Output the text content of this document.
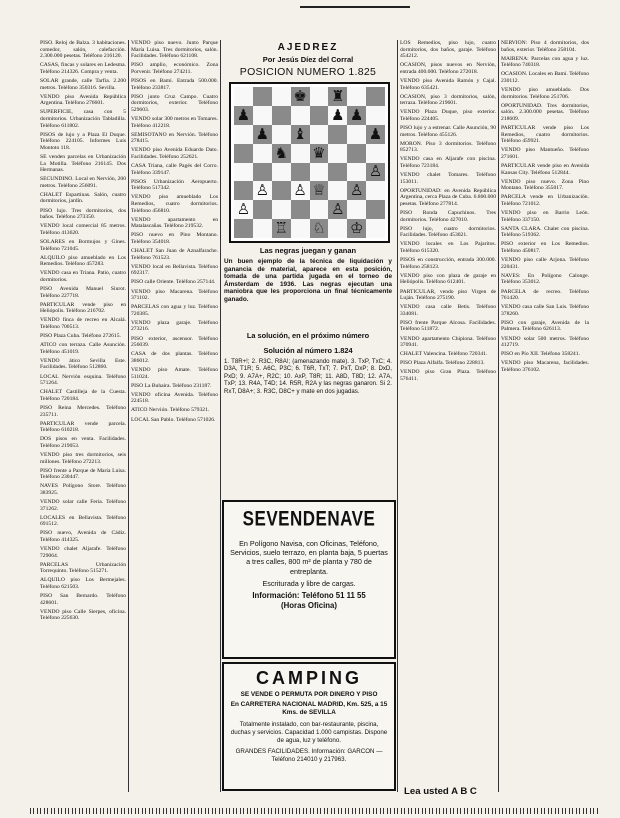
PISO. Reloj de Balza. 3 habitaciones. comedor, salón, calefacción. 2.300.000 pesetas. Teléfono 216120.

CASAS, fincas y solares en Ledesma. Teléfono 214326. Compra y venta.

SOLAR grande, calle Tarfia. 2.200 metros. Teléfono 350316. Sevilla.

VENDO piso Avenida República Argentina. Teléfono 276601.

SUPERFICIE, casa con 5 dormitorios. Urbanización Tabladilla. Teléfono 611802.

PISOS de lujo y a Plaza El Duque. Teléfono 224105. Informes Luís Montoto 118.

SE venden parcelas en Urbanización La Motilla. Teléfono 216145. Dos Hermanas.

SECUNDINO. Local en Nervión, 200 metros. Teléfono 256091.

CHALET Espartinas. Salón, cuatro dormitorios, jardín.

PISO lujo. Tres dormitorios, dos baños. Teléfono 273350.

VENDO local comercial 85 metros. Teléfono 413620.

SOLARES en Bormujos y Gines. Teléfono 721045.

ALQUILO piso amueblado en Los Remedios. Teléfono 457283.

VENDO casa en Triana. Patio, cuatro dormitorios.

PISO Avenida Manuel Siurot. Teléfono 227718.

PARTICULAR vende piso en Heliópolis. Teléfono 216702.

VENDO finca de recreo en Alcalá. Teléfono 700513.

PISO Plaza Cuba. Teléfono 272615.

ATICO con terraza. Calle Asunción. Teléfono 451019.

VENDO ático Sevilla Este. Facilidades. Teléfono 512860.

LOCAL Nervión esquina. Teléfono 571264.

CHALET Castilleja de la Cuesta. Teléfono 720184.

PISO Reina Mercedes. Teléfono 235711.

PARTICULAR vende parcela. Teléfono 610218.

DOS pisos en venta. Facilidades. Teléfono 219053.

VENDO piso tres dormitorios, seis millones. Teléfono 272213.

PISO frente a Parque de María Luisa. Teléfono 230447.

NAVES Polígono Store. Teléfono 383925.

VENDO solar calle Feria. Teléfono 371262.

LOCALES en Bellavista. Teléfono 691512.

PISO nuevo, Avenida de Cádiz. Teléfono 414325.

VENDO chalet Aljarafe. Teléfono 729064.

PARCELAS Urbanización Torrequinto. Teléfono 515271.

ALQUILO piso Los Bermejales. Teléfono 621503.

PISO San Bernardo. Teléfono 428601.

VENDO piso Calle Sierpes, oficina. Teléfono 225630.

VENDO piso nuevo. Junto Parque María Luisa. Tres dormitorios, salón. Facilidades. Teléfono 621108.

PISO amplio, económico. Zona Porvenir. Teléfono 274211.

PISOS en Bami. Entrada 500.000. Teléfono 233817.

PISO junto Cruz Campo. Cuatro dormitorios, exterior. Teléfono 529603.

VENDO solar 300 metros en Tomares. Teléfono 412218.

SEMISOTANO en Nervión. Teléfono 278415.

VENDO piso Avenida Eduardo Dato. Facilidades. Teléfono 252621.

CASA Triana, calle Pagés del Corro. Teléfono 339147.

PISOS Urbanización Aeropuerto. Teléfono 517342.

VENDO piso amueblado Los Remedios, cuatro dormitorios. Teléfono 456810.

VENDO apartamento en Matalascañas. Teléfono 219532.

PISO nuevo en Pino Montano. Teléfono 354018.

CHALET San Juan de Aznalfarache. Teléfono 761523.

VENDO local en Bellavista. Teléfono 692317.

PISO calle Oriente. Teléfono 257144.

VENDO piso Macarena. Teléfono 371102.

PARCELAS con agua y luz. Teléfono 720385.

VENDO plaza garaje. Teléfono 273216.

PISO exterior, ascensor. Teléfono 256039.

CASA de dos plantas. Teléfono 386012.

VENDO piso Amate. Teléfono 511024.

PISO La Buhaira. Teléfono 231187.

VENDO oficina Avenida. Teléfono 224518.

ATICO Nervión. Teléfono 579321.

LOCAL San Pablo. Teléfono 571026.

AJEDREZ
Por Jesús Díez del Corral
POSICION NUMERO 1.825
♚ ♜
♟	♟ ♟
♟ ♝	♟
♞ ♛
♙
♙ ♙ ♕ ♙
♙	♙
♖ ♘ ♔
Las negras juegan y ganan
Un buen ejemplo de la técnica de liquidación y ganancia de material, aparece en esta posición, tomada de una partida jugada en el torneo de Ámsterdam de 1936. Las negras ejecutan una maniobra que les proporciona un final técnicamente ganado.
La solución, en el próximo número
Solución al número 1.824
1. T8R+!; 2. R3C, R8A!; (amenazando mate). 3. TxP, TxC; 4. D3A, T1R; 5. A6C, P3C; 6. T6R, TxT; 7. PxT, DxP; 8. DxD, PxD; 9. A7A+, R2C; 10. AxP, T8R; 11. A8D, T8D; 12. A7A, TxP; 13. R4A, T4D; 14. R5R, R2A y las negras ganaron. Si 2. RxT, D8A+; 3. R3C, D8C+ y mate en dos jugadas.
SEVENDENAVE
En Polígono Navisa, con Oficinas, Teléfono, Servicios, suelo terrazo, en planta baja, 5 puertas a tres calles, 800 m² de planta y 780 de entreplanta.
Escriturada y libre de cargas.
Información: Teléfono 51 11 55
(Horas Oficina)
CAMPING
SE VENDE O PERMUTA POR DINERO Y PISO
En CARRETERA NACIONAL MADRID, Km. 525, a 15 Kms. de SEVILLA
Totalmente instalado, con bar-restaurante, piscina, duchas y servicios. Capacidad 1.000 campistas. Dispone de agua, luz y teléfono.
GRANDES FACILIDADES. Información: GARCON — Teléfono 214010 y 217963.

LOS Remedios, piso lujo, cuatro dormitorios, dos baños, garaje. Teléfono 454212.

OCASION, pisos nuevos en Nervión, entrada 400.000. Teléfono 272018.

VENDO piso Avenida Ramón y Cajal. Teléfono 635421.

OCASION, piso 3 dormitorios, salón, terraza. Teléfono 219601.

VENDO Plaza Duque, piso exterior. Teléfono 224405.

PISO lujo y a estrenar. Calle Asunción, 90 metros. Teléfono 455126.

MORON. Piso 3 dormitorios. Teléfono 852713.

VENDO casa en Aljarafe con piscina. Teléfono 723184.

VENDO chalet Tomares. Teléfono 153011.

OPORTUNIDAD: en Avenida República Argentina, cerca Plaza de Cuba. 6.800.000 pesetas. Teléfono 277814.

PISO Ronda Capuchinos. Tres dormitorios. Teléfono 427010.

PISO lujo, cuatro dormitorios. Facilidades. Teléfono 453021.

VENDO locales en Los Pajaritos. Teléfono 615320.

PISOS en construcción, entrada 300.000. Teléfono 258123.

VENDO piso con plaza de garaje en Heliópolis. Teléfono 612401.

PARTICULAR, vendo piso Virgen de Luján. Teléfono 275190.

VENDO casa calle Betis. Teléfono 334081.

PISO frente Parque Alcosa. Facilidades. Teléfono 511872.

VENDO apartamento Chipiona. Teléfono 370941.

CHALET Valencina. Teléfono 720341.

PISO Plaza Alfalfa. Teléfono 228813.

VENDO piso Gran Plaza. Teléfono 576411.

Lea usted A B C

NERVION: Piso 4 dormitorios, dos baños, exterior. Teléfono 258104.

MAIRENA: Parcelas con agua y luz. Teléfono 740318.

OCASION. Locales en Bami. Teléfono 230112.

VENDO piso amueblado. Dos dormitorios. Teléfono 251706.

OPORTUNIDAD. Tres dormitorios, salón. 2.300.000 pesetas. Teléfono 218609.

PARTICULAR vende piso Los Remedios, cuatro dormitorios. Teléfono 459921.

VENDO piso Mantueño. Teléfono 271601.

PARTICULAR vende piso en Avenida Kansas City. Teléfono 512844.

VENDO piso nuevo. Zona Pino Montano. Teléfono 355017.

PARCELA vende en Urbanización. Teléfono 721012.

VENDO piso en Barrio León. Teléfono 337150.

SANTA CLARA. Chalet con piscina. Teléfono 519362.

PISO exterior en Los Remedios. Teléfono 450817.

VENDO piso calle Arjona. Teléfono 220431.

NAVES: En Polígono Calonge. Teléfono 353012.

PARCELA de recreo. Teléfono 761420.

VENDO casa calle San Luis. Teléfono 378260.

PISO con garaje, Avenida de la Palmera. Teléfono 626113.

VENDO solar 500 metros. Teléfono 412719.

PISO en Pío XII. Teléfono 358241.

VENDO piso Macarena, facilidades. Teléfono 376102.
